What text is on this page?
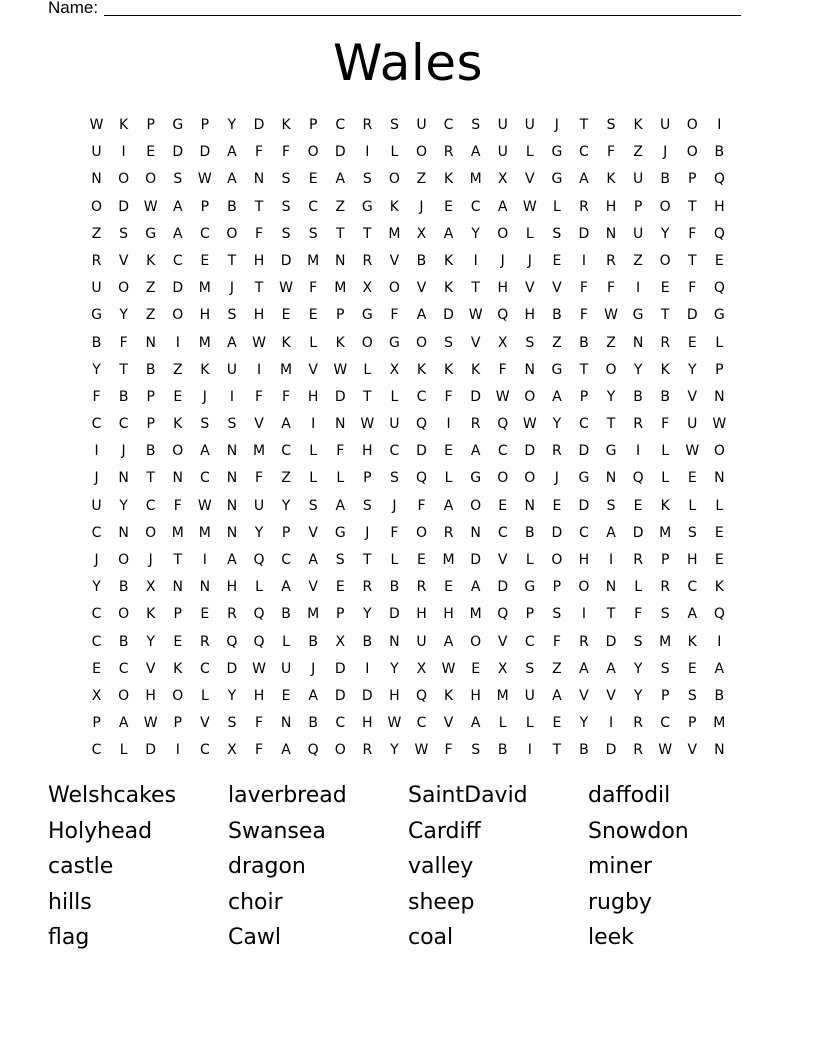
Name:
Wales
W	K	P	G	P	Y	D	K	P	C	R	S	U	C	S	U	U	J	T	S	K	U	O	I
U	I	E	D	D	A	F	F	O	D	I	L	O	R	A	U	L	G	C	F	Z	J	O	B
N	O	O	S	W	A	N	S	E	A	S	O	Z	K	M	X	V	G	A	K	U	B	P	Q
O	D	W	A	P	B	T	S	C	Z	G	K	J	E	C	A	W	L	R	H	P	O	T	H
Z	S	G	A	C	O	F	S	S	T	T	M	X	A	Y	O	L	S	D	N	U	Y	F	Q
R	V	K	C	E	T	H	D	M	N	R	V	B	K	I	J	J	E	I	R	Z	O	T	E
U	O	Z	D	M	J	T	W	F	M	X	O	V	K	T	H	V	V	F	F	I	E	F	Q
G	Y	Z	O	H	S	H	E	E	P	G	F	A	D	W	Q	H	B	F	W	G	T	D	G
B	F	N	I	M	A	W	K	L	K	O	G	O	S	V	X	S	Z	B	Z	N	R	E	L
Y	T	B	Z	K	U	I	M	V	W	L	X	K	K	K	F	N	G	T	O	Y	K	Y	P
F	B	P	E	J	I	F	F	H	D	T	L	C	F	D	W	O	A	P	Y	B	B	V	N
C	C	P	K	S	S	V	A	I	N	W	U	Q	I	R	Q	W	Y	C	T	R	F	U	W
I	J	B	O	A	N	M	C	L	F	H	C	D	E	A	C	D	R	D	G	I	L	W	O
J	N	T	N	C	N	F	Z	L	L	P	S	Q	L	G	O	O	J	G	N	Q	L	E	N
U	Y	C	F	W	N	U	Y	S	A	S	J	F	A	O	E	N	E	D	S	E	K	L	L
C	N	O	M	M	N	Y	P	V	G	J	F	O	R	N	C	B	D	C	A	D	M	S	E
J	O	J	T	I	A	Q	C	A	S	T	L	E	M	D	V	L	O	H	I	R	P	H	E
Y	B	X	N	N	H	L	A	V	E	R	B	R	E	A	D	G	P	O	N	L	R	C	K
C	O	K	P	E	R	Q	B	M	P	Y	D	H	H	M	Q	P	S	I	T	F	S	A	Q
C	B	Y	E	R	Q	Q	L	B	X	B	N	U	A	O	V	C	F	R	D	S	M	K	I
E	C	V	K	C	D	W	U	J	D	I	Y	X	W	E	X	S	Z	A	A	Y	S	E	A
X	O	H	O	L	Y	H	E	A	D	D	H	Q	K	H	M	U	A	V	V	Y	P	S	B
P	A	W	P	V	S	F	N	B	C	H	W	C	V	A	L	L	E	Y	I	R	C	P	M
C	L	D	I	C	X	F	A	Q	O	R	Y	W	F	S	B	I	T	B	D	R	W	V	N
Welshcakes	laverbread	SaintDavid	daffodil
Holyhead	Swansea	Cardiff	Snowdon
castle	dragon	valley	miner
hills	choir	sheep	rugby
flag	Cawl	coal	leek
